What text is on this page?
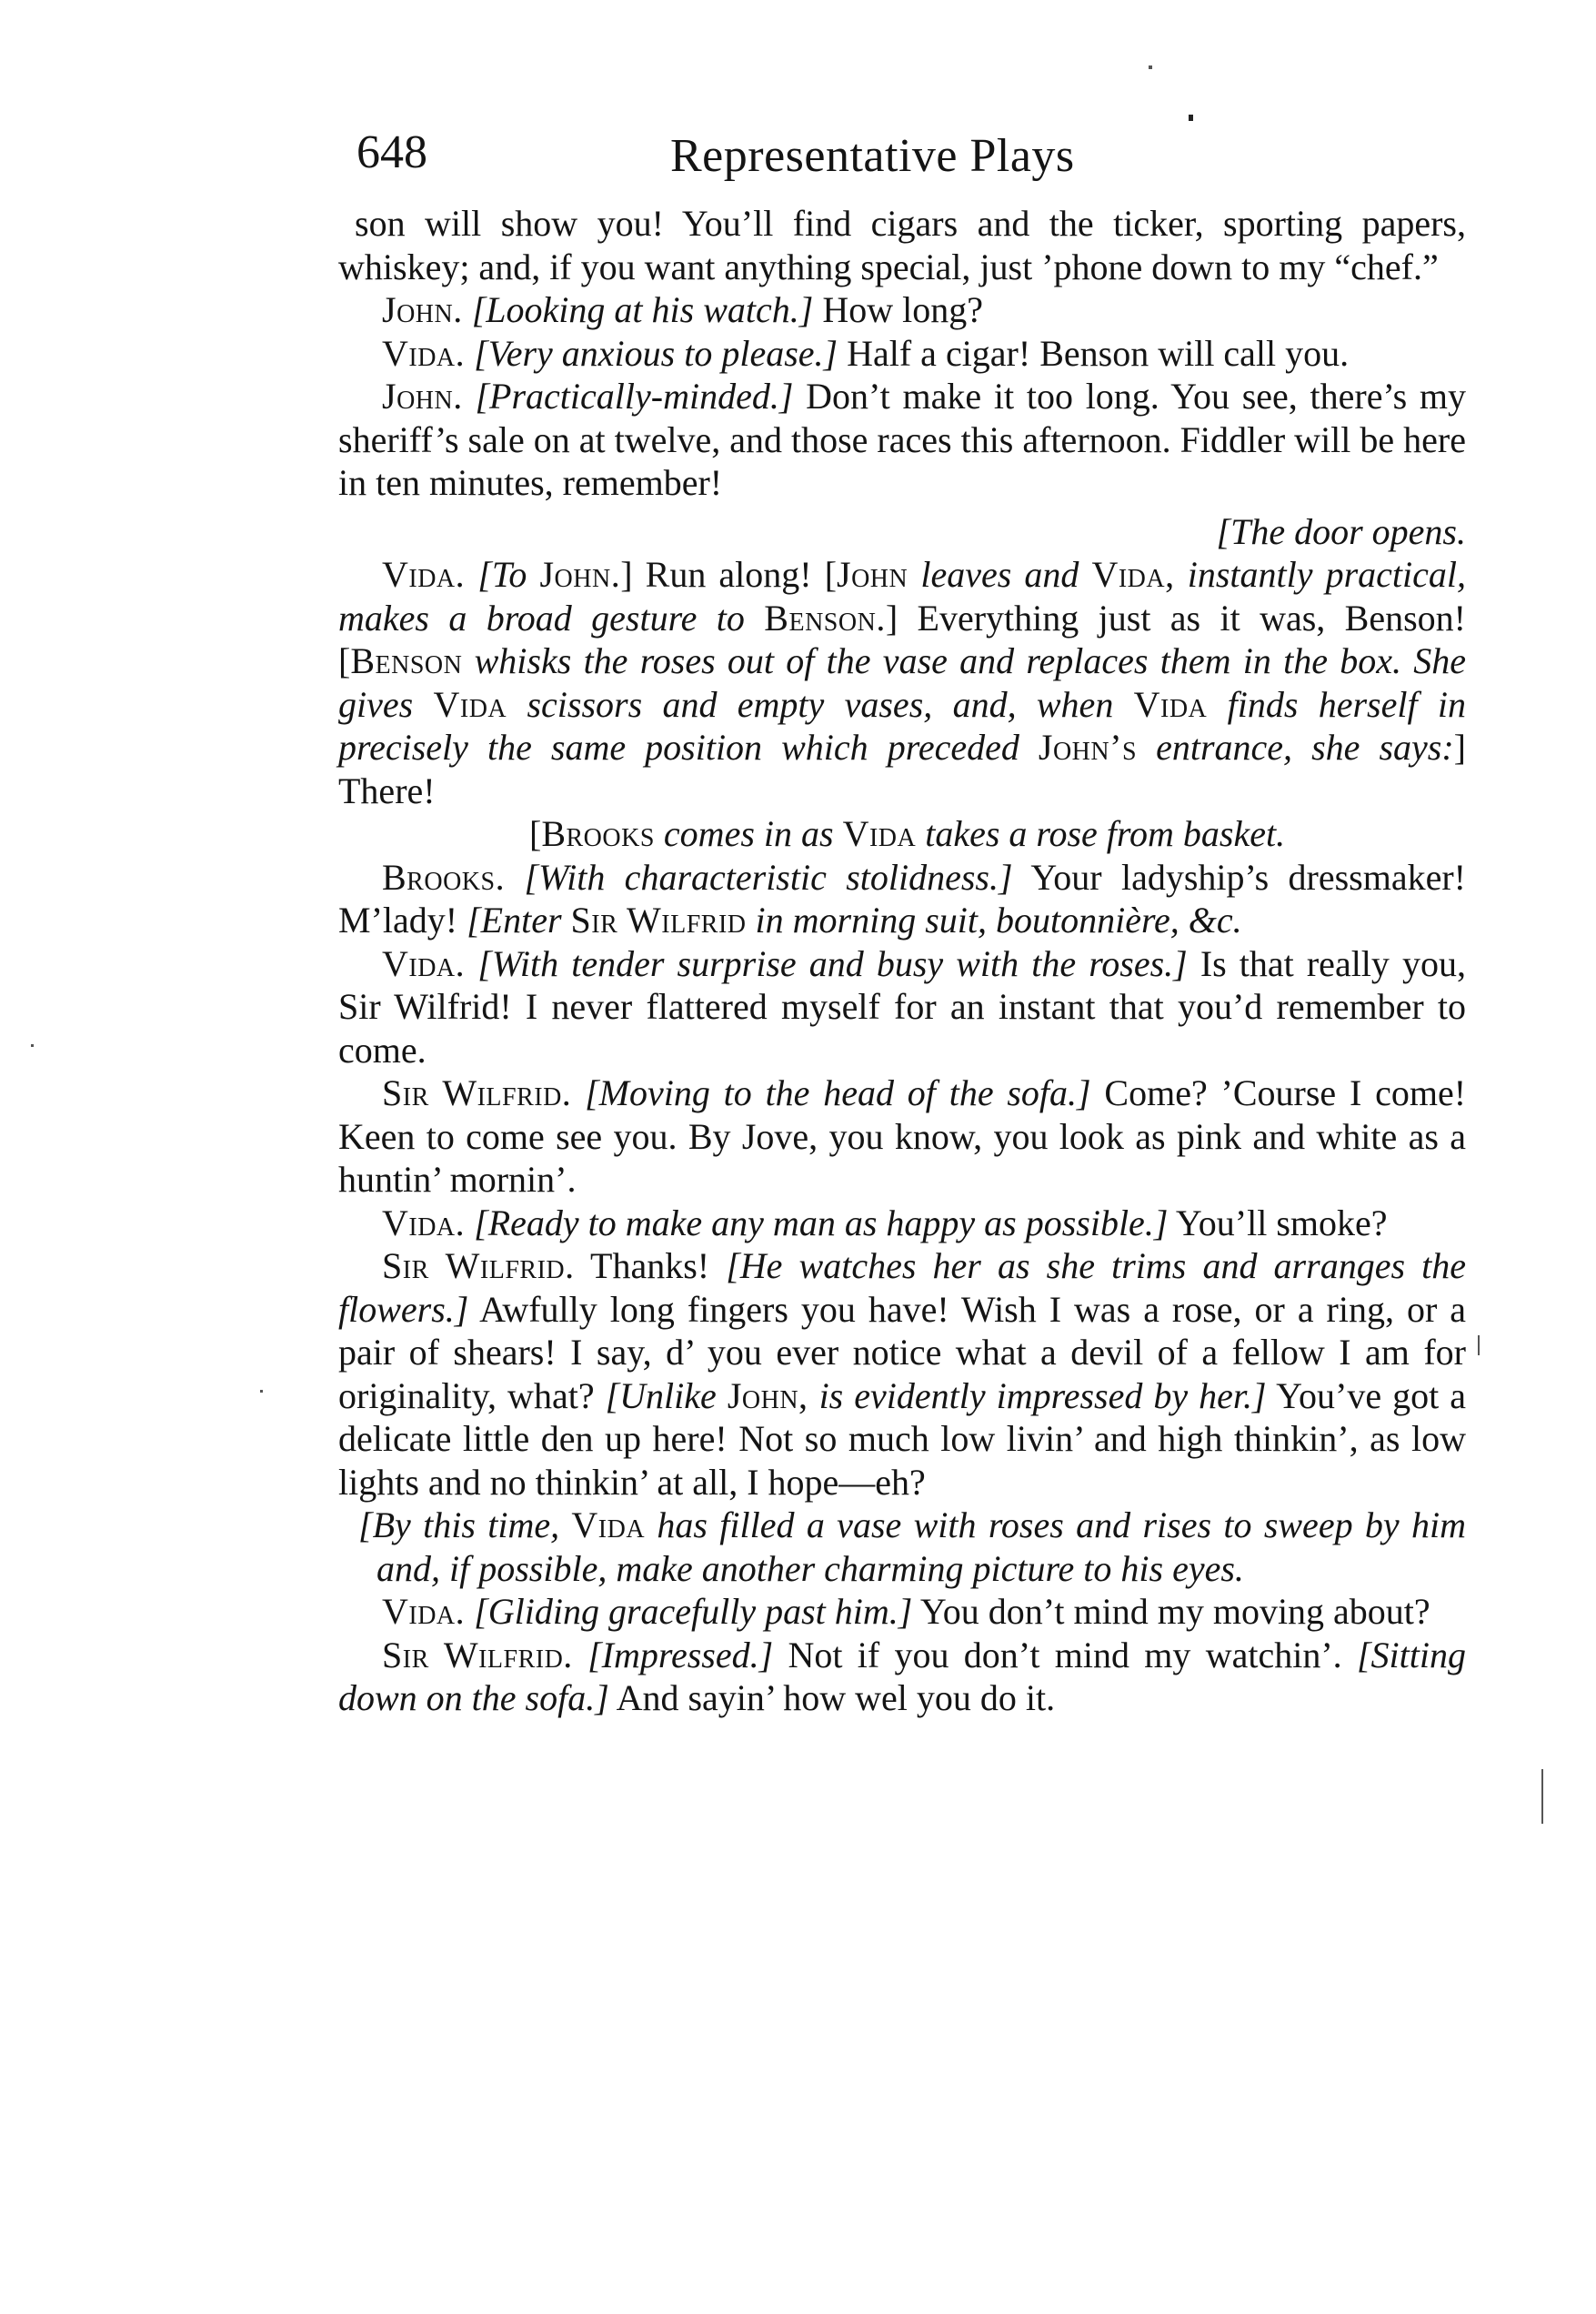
648	Representative Plays

son will show you! You’ll find cigars and the ticker, sporting papers, whiskey; and, if you want anything special, just ’phone down to my “chef.”

John. [Looking at his watch.] How long?

Vida. [Very anxious to please.] Half a cigar! Benson will call you.

John. [Practically-minded.] Don’t make it too long. You see, there’s my sheriff’s sale on at twelve, and those races this afternoon. Fiddler will be here in ten minutes, remember!

[The door opens.

Vida. [To John.] Run along! [John leaves and Vida, instantly practical, makes a broad gesture to Benson.] Everything just as it was, Benson! [Benson whisks the roses out of the vase and replaces them in the box. She gives Vida scissors and empty vases, and, when Vida finds herself in precisely the same position which preceded John’s entrance, she says:] There!

[Brooks comes in as Vida takes a rose from basket.

Brooks. [With characteristic stolidness.] Your ladyship’s dressmaker! M’lady! [Enter Sir Wilfrid in morning suit, boutonnière, &c.

Vida. [With tender surprise and busy with the roses.] Is that really you, Sir Wilfrid! I never flattered myself for an instant that you’d remember to come.

Sir Wilfrid. [Moving to the head of the sofa.] Come? ’Course I come! Keen to come see you. By Jove, you know, you look as pink and white as a huntin’ mornin’.

Vida. [Ready to make any man as happy as possible.] You’ll smoke?

Sir Wilfrid. Thanks! [He watches her as she trims and arranges the flowers.] Awfully long fingers you have! Wish I was a rose, or a ring, or a pair of shears! I say, d’ you ever notice what a devil of a fellow I am for originality, what? [Unlike John, is evidently impressed by her.] You’ve got a delicate little den up here! Not so much low livin’ and high thinkin’, as low lights and no thinkin’ at all, I hope—eh?

[By this time, Vida has filled a vase with roses and rises to sweep by him and, if possible, make another charming picture to his eyes.

Vida. [Gliding gracefully past him.] You don’t mind my moving about?

Sir Wilfrid. [Impressed.] Not if you don’t mind my watchin’. [Sitting down on the sofa.] And sayin’ how wel you do it.
